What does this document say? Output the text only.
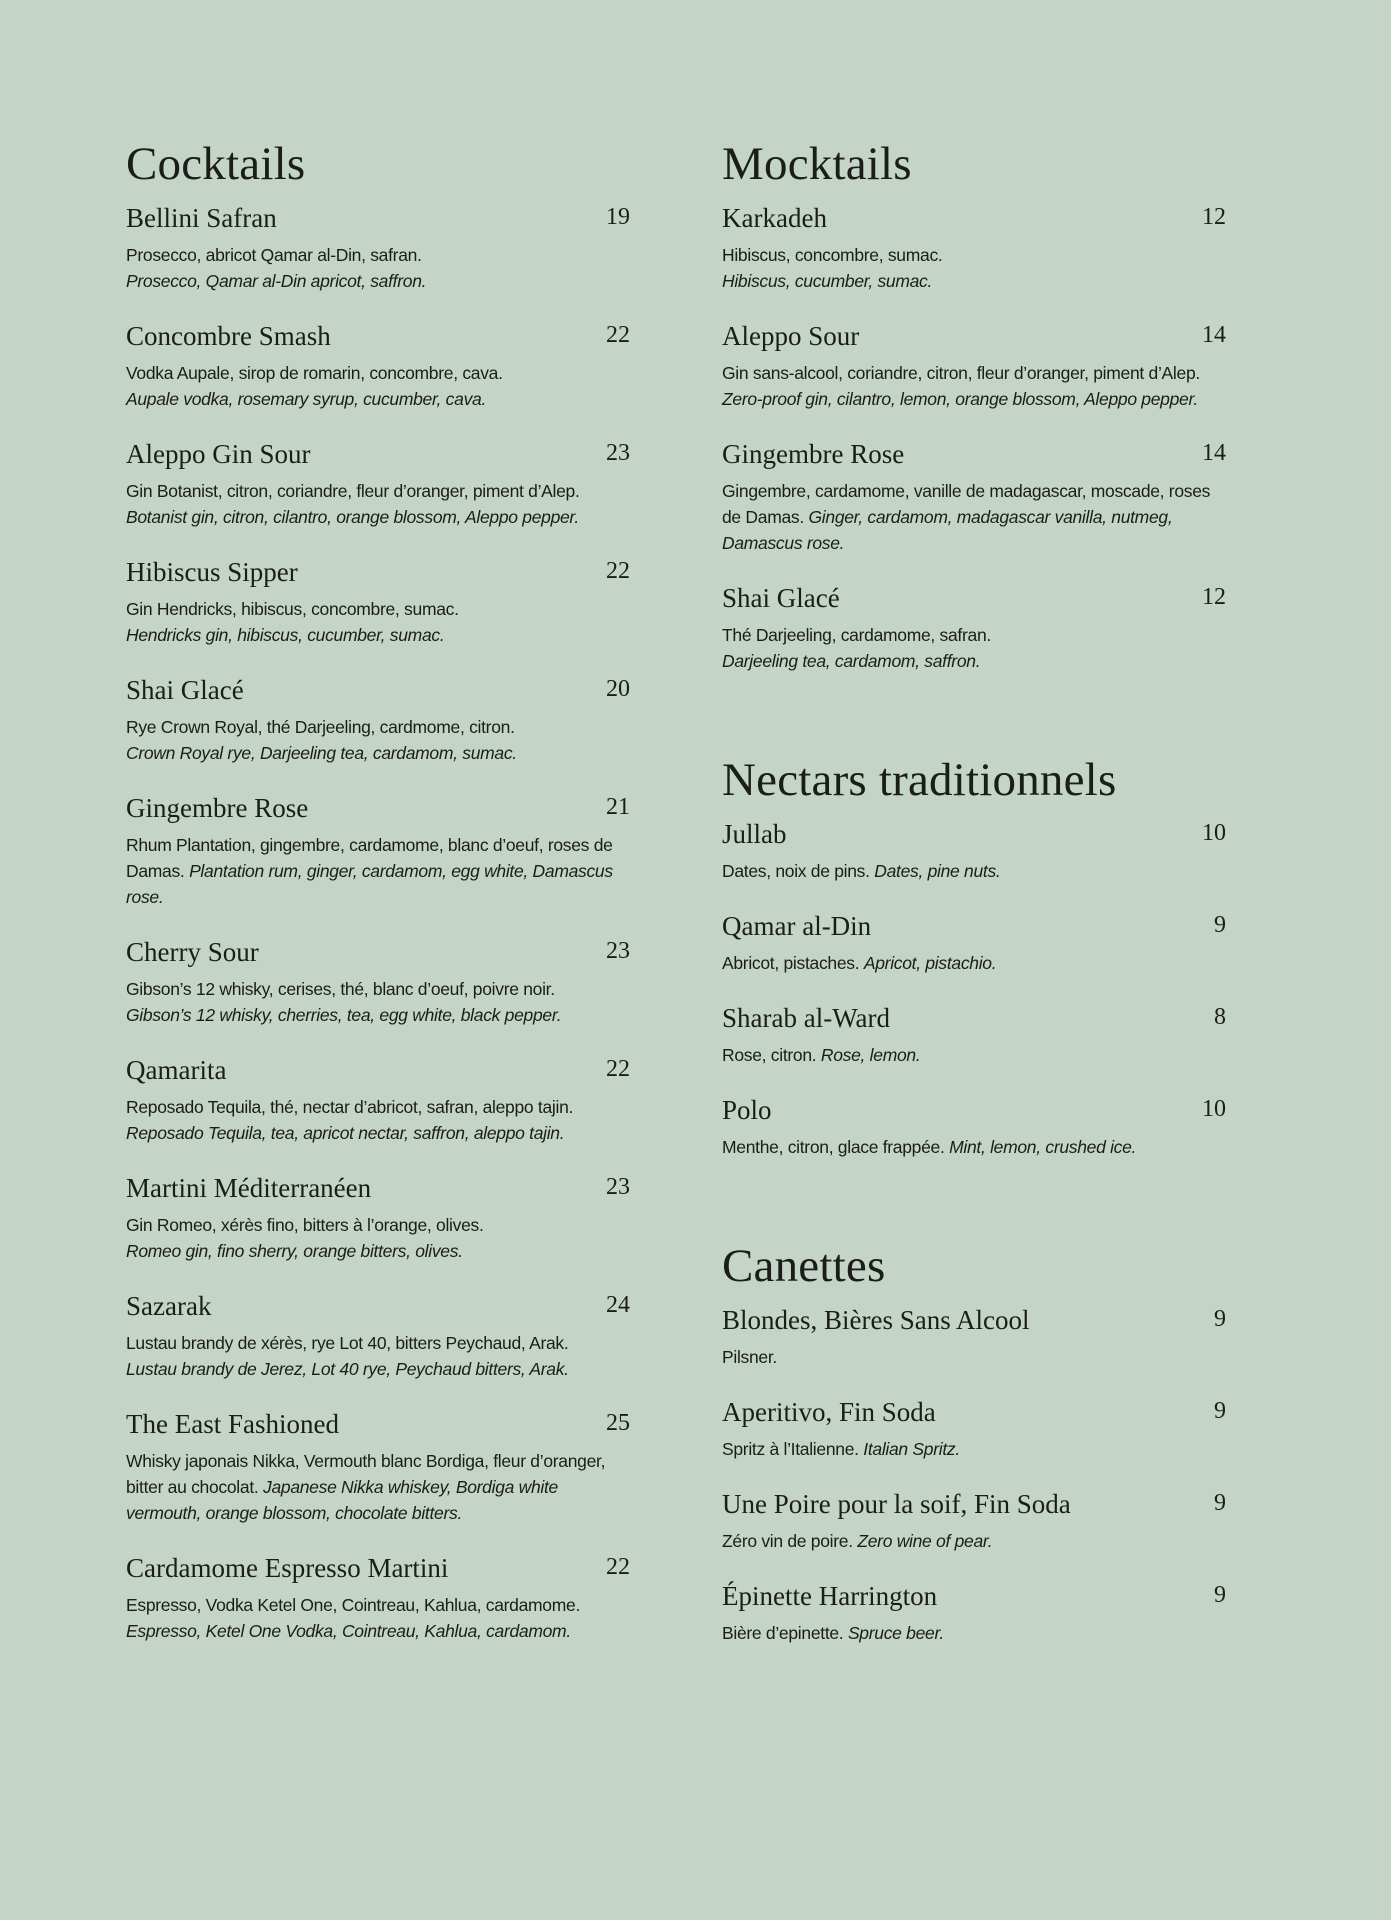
Cocktails
Bellini Safran	19
Prosecco, abricot Qamar al-Din, safran.
Prosecco, Qamar al-Din apricot, saffron.
Concombre Smash	22
Vodka Aupale, sirop de romarin, concombre, cava.
Aupale vodka, rosemary syrup, cucumber, cava.
Aleppo Gin Sour	23
Gin Botanist, citron, coriandre, fleur d’oranger, piment d’Alep.
Botanist gin, citron, cilantro, orange blossom, Aleppo pepper.
Hibiscus Sipper	22
Gin Hendricks, hibiscus, concombre, sumac.
Hendricks gin, hibiscus, cucumber, sumac.
Shai Glacé	20
Rye Crown Royal, thé Darjeeling, cardmome, citron.
Crown Royal rye, Darjeeling tea, cardamom, sumac.
Gingembre Rose	21
Rhum Plantation, gingembre, cardamome, blanc d’oeuf, roses de Damas. Plantation rum, ginger, cardamom, egg white, Damascus rose.
Cherry Sour	23
Gibson’s 12 whisky, cerises, thé, blanc d’oeuf, poivre noir.
Gibson’s 12 whisky, cherries, tea, egg white, black pepper.
Qamarita	22
Reposado Tequila, thé, nectar d’abricot, safran, aleppo tajin.
Reposado Tequila, tea, apricot nectar, saffron, aleppo tajin.
Martini Méditerranéen	23
Gin Romeo, xérès fino, bitters à l’orange, olives.
Romeo gin, fino sherry, orange bitters, olives.
Sazarak	24
Lustau brandy de xérès, rye Lot 40, bitters Peychaud, Arak.
Lustau brandy de Jerez, Lot 40 rye, Peychaud bitters, Arak.
The East Fashioned	25
Whisky japonais Nikka, Vermouth blanc Bordiga, fleur d’oranger, bitter au chocolat. Japanese Nikka whiskey, Bordiga white vermouth, orange blossom, chocolate bitters.
Cardamome Espresso Martini	22
Espresso, Vodka Ketel One, Cointreau, Kahlua, cardamome.
Espresso, Ketel One Vodka, Cointreau, Kahlua, cardamom.
Mocktails
Karkadeh	12
Hibiscus, concombre, sumac.
Hibiscus, cucumber, sumac.
Aleppo Sour	14
Gin sans-alcool, coriandre, citron, fleur d’oranger, piment d’Alep. Zero-proof gin, cilantro, lemon, orange blossom, Aleppo pepper.
Gingembre Rose	14
Gingembre, cardamome, vanille de madagascar, moscade, roses de Damas. Ginger, cardamom, madagascar vanilla, nutmeg, Damascus rose.
Shai Glacé	12
Thé Darjeeling, cardamome, safran.
Darjeeling tea, cardamom, saffron.
Nectars traditionnels
Jullab	10
Dates, noix de pins. Dates, pine nuts.
Qamar al-Din	9
Abricot, pistaches. Apricot, pistachio.
Sharab al-Ward	8
Rose, citron. Rose, lemon.
Polo	10
Menthe, citron, glace frappée. Mint, lemon, crushed ice.
Canettes
Blondes, Bières Sans Alcool	9
Pilsner.
Aperitivo, Fin Soda	9
Spritz à l’Italienne. Italian Spritz.
Une Poire pour la soif, Fin Soda	9
Zéro vin de poire. Zero wine of pear.
Épinette Harrington	9
Bière d’epinette. Spruce beer.
